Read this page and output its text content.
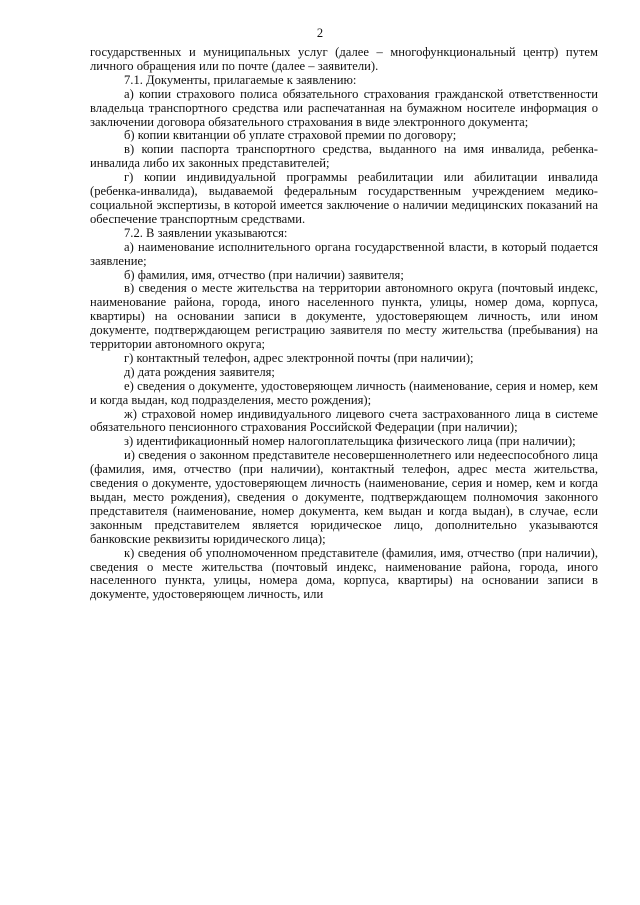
2

государственных и муниципальных услуг (далее – многофункциональный центр) путем личного обращения или по почте (далее – заявители).

7.1. Документы, прилагаемые к заявлению:

а) копии страхового полиса обязательного страхования гражданской ответственности владельца транспортного средства или распечатанная на бумажном носителе информация о заключении договора обязательного страхования в виде электронного документа;

б) копии квитанции об уплате страховой премии по договору;

в) копии паспорта транспортного средства, выданного на имя инвалида, ребенка-инвалида либо их законных представителей;

г) копии индивидуальной программы реабилитации или абилитации инвалида (ребенка-инвалида), выдаваемой федеральным государственным учреждением медико-социальной экспертизы, в которой имеется заключение о наличии медицинских показаний на обеспечение транспортным средствами.

7.2. В заявлении указываются:

а) наименование исполнительного органа государственной власти, в который подается заявление;

б) фамилия, имя, отчество (при наличии) заявителя;

в) сведения о месте жительства на территории автономного округа (почтовый индекс, наименование района, города, иного населенного пункта, улицы, номер дома, корпуса, квартиры) на основании записи в документе, удостоверяющем личность, или ином документе, подтверждающем регистрацию заявителя по месту жительства (пребывания) на территории автономного округа;

г) контактный телефон, адрес электронной почты (при наличии);

д) дата рождения заявителя;

е) сведения о документе, удостоверяющем личность (наименование, серия и номер, кем и когда выдан, код подразделения, место рождения);

ж) страховой номер индивидуального лицевого счета застрахованного лица в системе обязательного пенсионного страхования Российской Федерации (при наличии);

з) идентификационный номер налогоплательщика физического лица (при наличии);

и) сведения о законном представителе несовершеннолетнего или недееспособного лица (фамилия, имя, отчество (при наличии), контактный телефон, адрес места жительства, сведения о документе, удостоверяющем личность (наименование, серия и номер, кем и когда выдан, место рождения), сведения о документе, подтверждающем полномочия законного представителя (наименование, номер документа, кем выдан и когда выдан), в случае, если законным представителем является юридическое лицо, дополнительно указываются банковские реквизиты юридического лица);

к) сведения об уполномоченном представителе (фамилия, имя, отчество (при наличии), сведения о месте жительства (почтовый индекс, наименование района, города, иного населенного пункта, улицы, номера дома, корпуса, квартиры) на основании записи в документе, удостоверяющем личность, или
